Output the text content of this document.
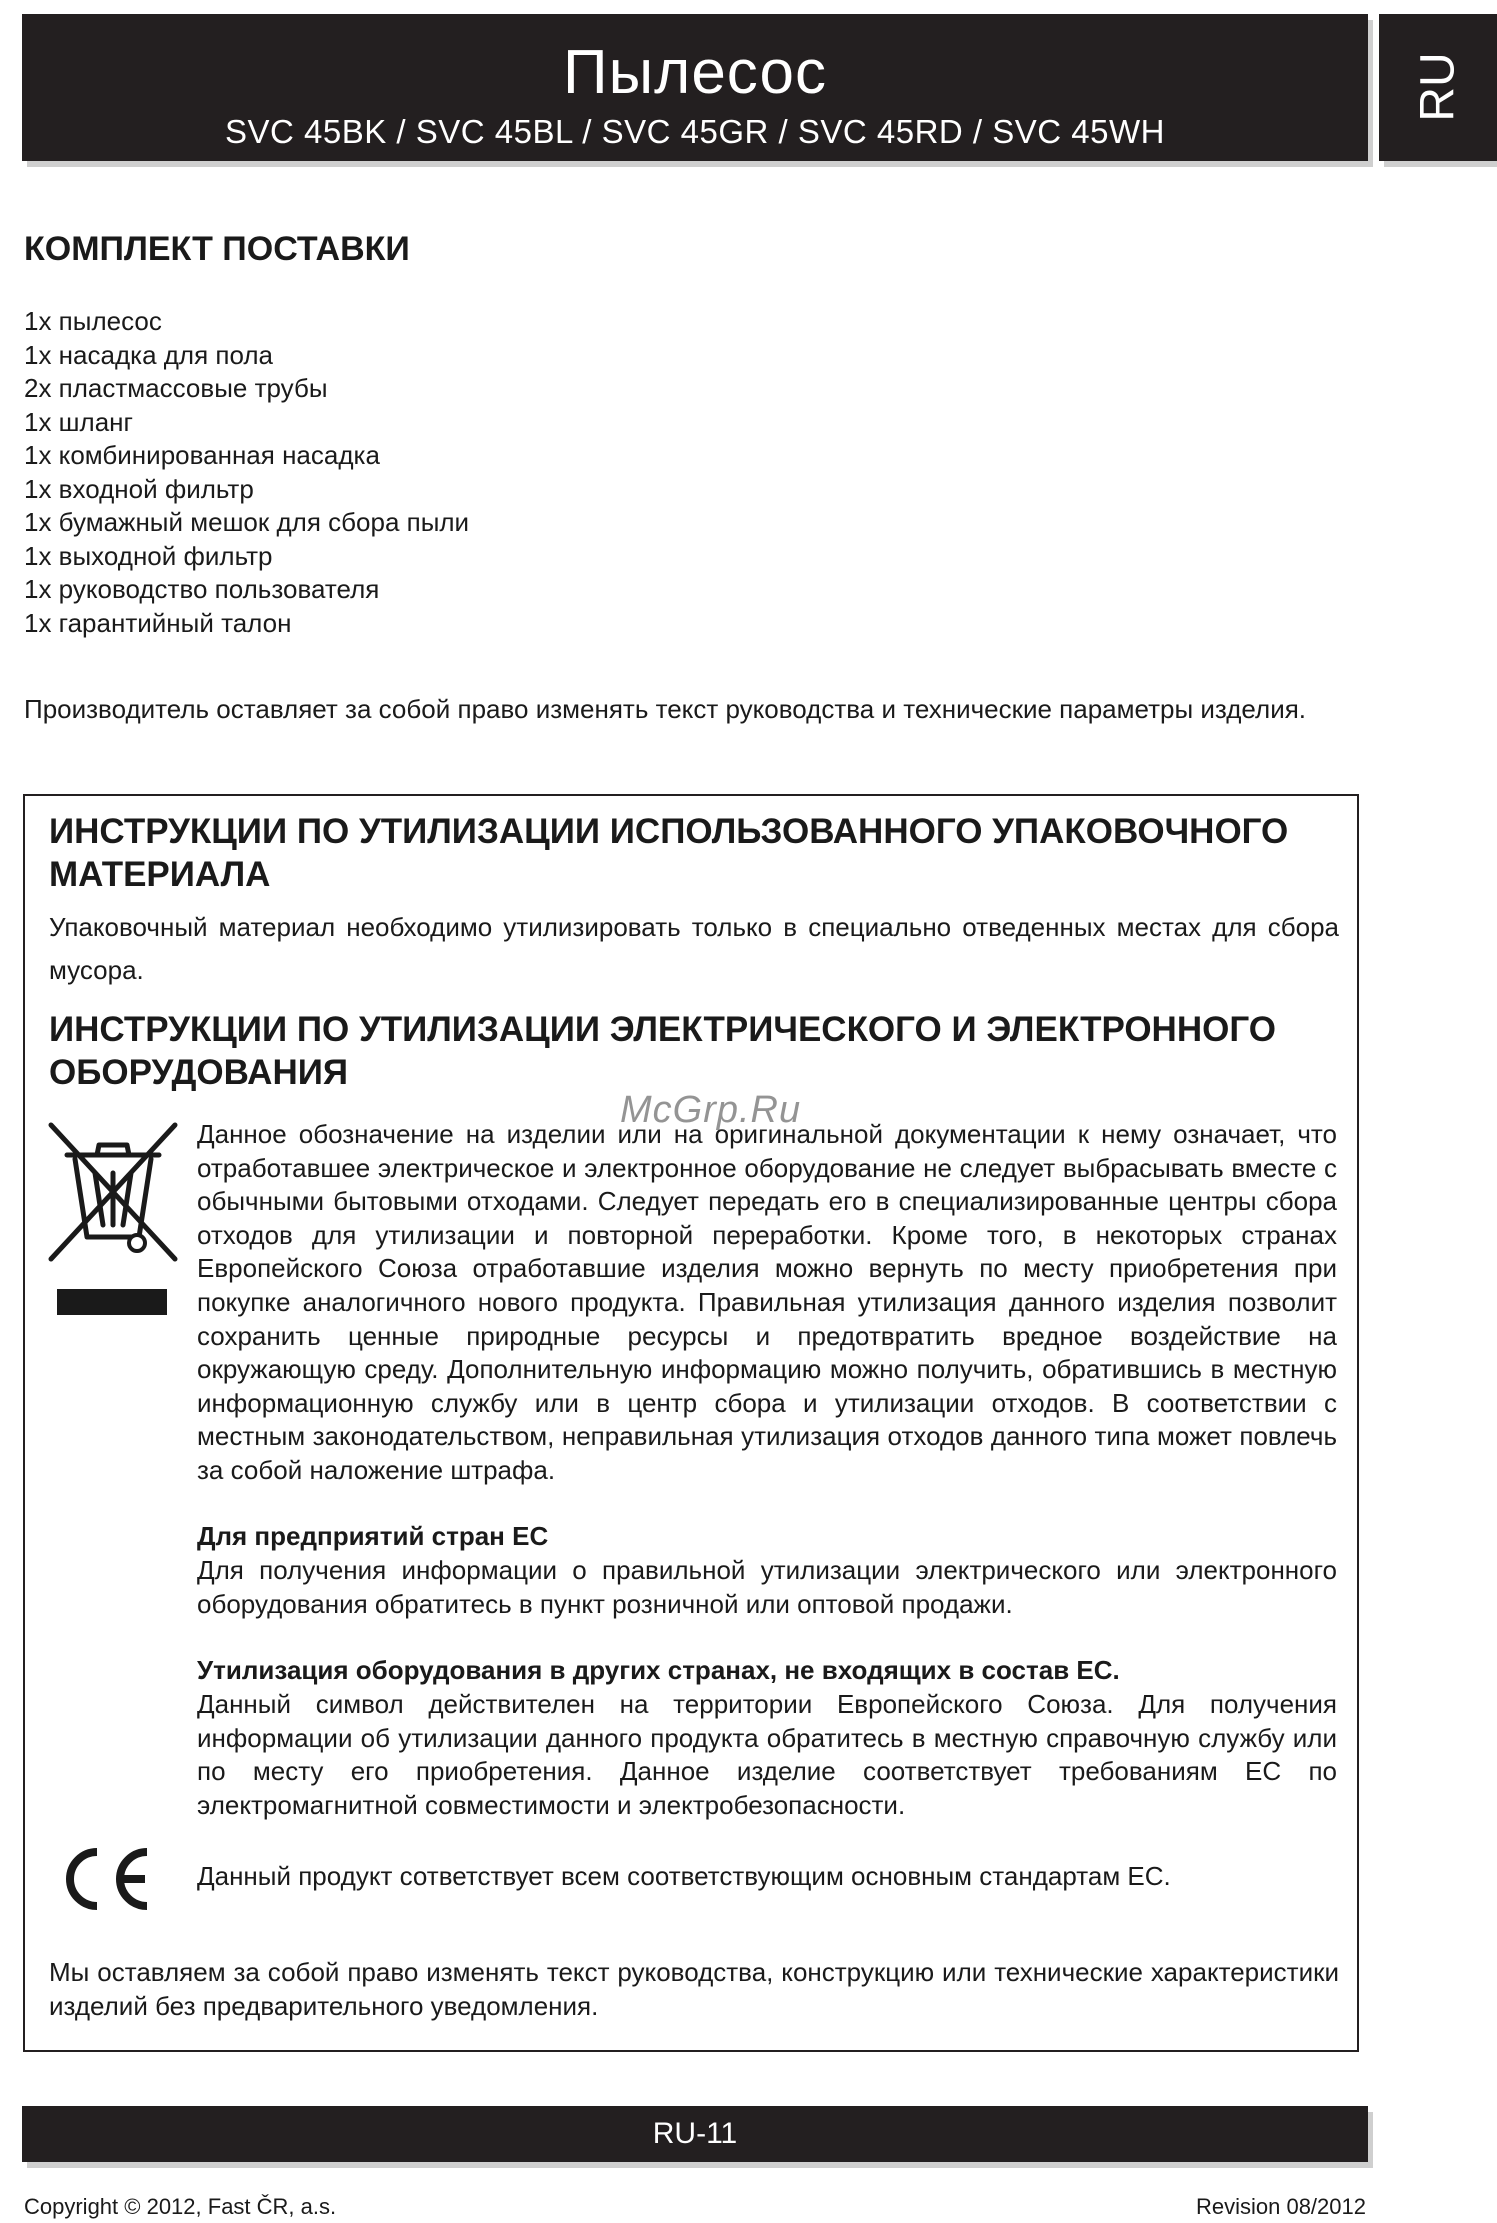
Пылесос
SVC 45BK / SVC 45BL / SVC 45GR / SVC 45RD / SVC 45WH
RU
КОМПЛЕКТ ПОСТАВКИ
1x пылесос
1x насадка для пола
2x пластмассовые трубы
1x шланг
1x комбинированная насадка
1x входной фильтр
1x бумажный мешок для сбора пыли
1x выходной фильтр
1x руководство пользователя
1x гарантийный талон

Производитель оставляет за собой право изменять текст руководства и технические параметры изделия.

ИНСТРУКЦИИ ПО УТИЛИЗАЦИИ ИСПОЛЬЗОВАННОГО УПАКОВОЧНОГО МАТЕРИАЛА

Упаковочный материал необходимо утилизировать только в специально отведенных местах для сбора мусора.

ИНСТРУКЦИИ ПО УТИЛИЗАЦИИ ЭЛЕКТРИЧЕСКОГО И ЭЛЕКТРОННОГО ОБОРУДОВАНИЯ

Данное обозначение на изделии или на оригинальной документации к нему означает, что отработавшее электрическое и электронное оборудование не следует выбрасывать вместе с обычными бытовыми отходами. Следует передать его в специализированные центры сбора отходов для утилизации и повторной переработки. Кроме того, в некоторых странах Европейского Союза отработавшие изделия можно вернуть по месту приобретения при покупке аналогичного нового продукта. Правильная утилизация данного изделия позволит сохранить ценные природные ресурсы и предотвратить вредное воздействие на окружающую среду. Дополнительную информацию можно получить, обратившись в местную информационную службу или в центр сбора и утилизации отходов. В соответствии с местным законодательством, неправильная утилизация отходов данного типа может повлечь за собой наложение штрафа.

Для предприятий стран ЕС

Для получения информации о правильной утилизации электрического или электронного оборудования обратитесь в пункт розничной или оптовой продажи.

Утилизация оборудования в других странах, не входящих в состав ЕС.

Данный символ действителен на территории Европейского Союза. Для получения информации об утилизации данного продукта обратитесь в местную справочную службу или по месту его приобретения. Данное изделие соответствует требованиям ЕС по электромагнитной совместимости и электробезопасности.

Данный продукт сответствует всем соответствующим основным стандартам ЕС.

Мы оставляем за собой право изменять текст руководства, конструкцию или технические характеристики изделий без предварительного уведомления.

McGrp.Ru
RU-11
Copyright © 2012, Fast ČR, a.s.	Revision 08/2012
